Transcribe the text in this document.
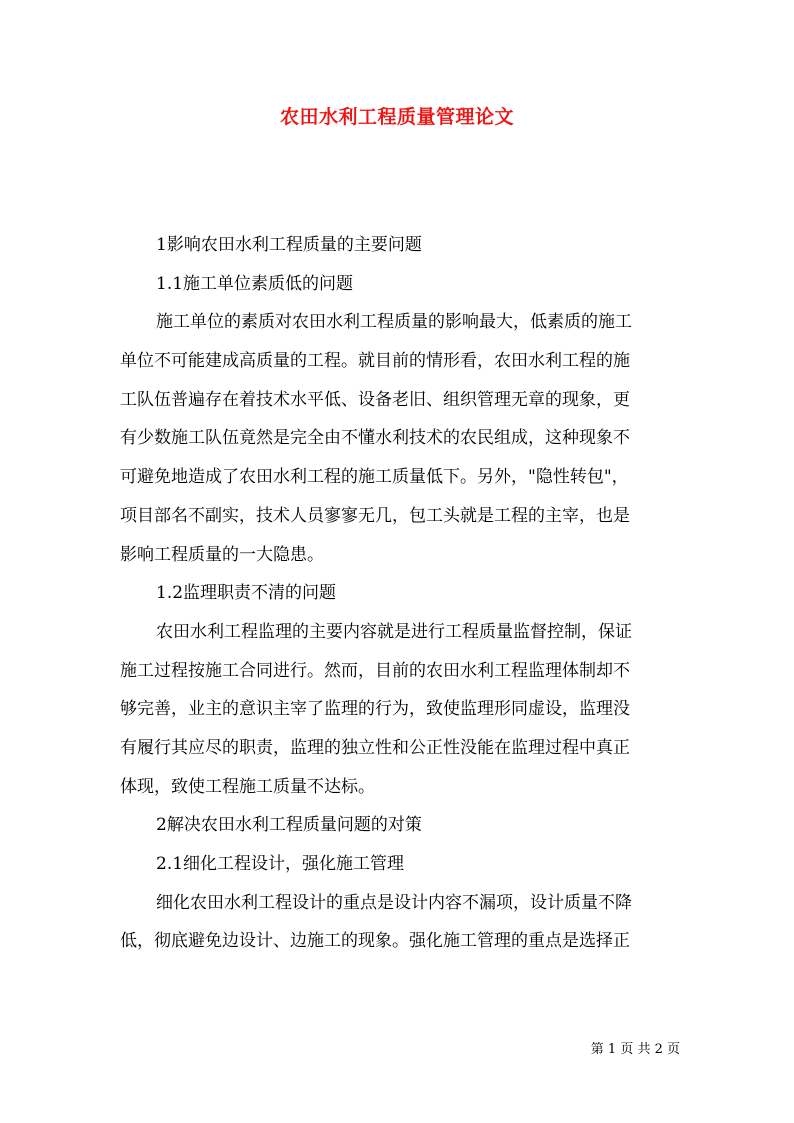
农田水利工程质量管理论文
1影响农田水利工程质量的主要问题
1.1施工单位素质低的问题
施工单位的素质对农田水利工程质量的影响最大，低素质的施工
单位不可能建成高质量的工程。就目前的情形看，农田水利工程的施
工队伍普遍存在着技术水平低、设备老旧、组织管理无章的现象，更
有少数施工队伍竟然是完全由不懂水利技术的农民组成，这种现象不
可避免地造成了农田水利工程的施工质量低下。另外，"隐性转包"，
项目部名不副实，技术人员寥寥无几，包工头就是工程的主宰，也是
影响工程质量的一大隐患。
1.2监理职责不清的问题
农田水利工程监理的主要内容就是进行工程质量监督控制，保证
施工过程按施工合同进行。然而，目前的农田水利工程监理体制却不
够完善，业主的意识主宰了监理的行为，致使监理形同虚设，监理没
有履行其应尽的职责，监理的独立性和公正性没能在监理过程中真正
体现，致使工程施工质量不达标。
2解决农田水利工程质量问题的对策
2.1细化工程设计，强化施工管理
细化农田水利工程设计的重点是设计内容不漏项，设计质量不降
低，彻底避免边设计、边施工的现象。强化施工管理的重点是选择正
第 1 页 共 2 页
